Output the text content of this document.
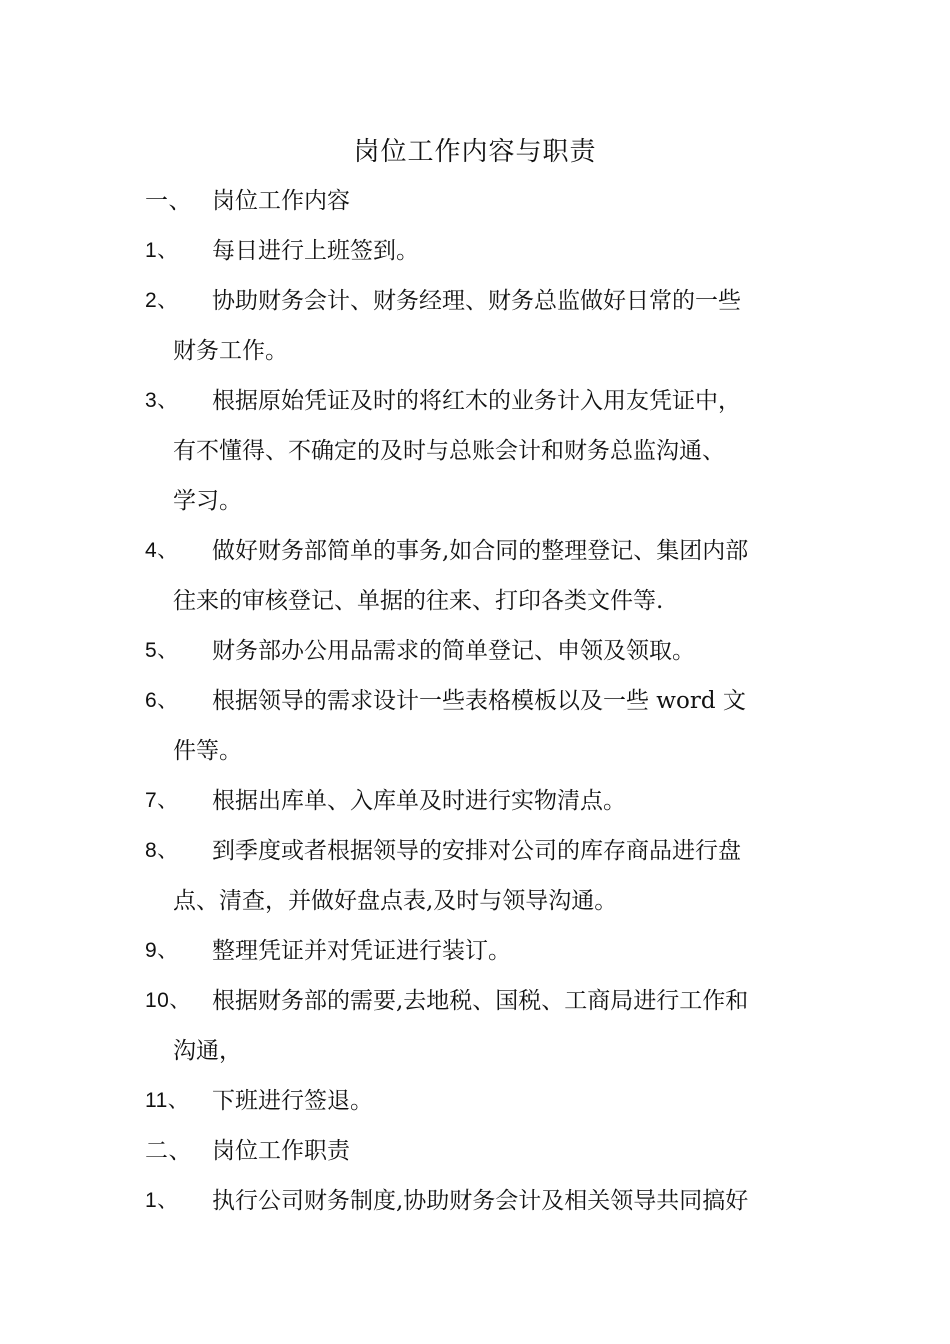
岗位工作内容与职责
一、 岗位工作内容
1、	每日进行上班签到。
2、	协助财务会计、财务经理、财务总监做好日常的一些
财务工作。
3、	根据原始凭证及时的将红木的业务计入用友凭证中，
有不懂得、不确定的及时与总账会计和财务总监沟通、
学习。
4、	做好财务部简单的事务,如合同的整理登记、集团内部
往来的审核登记、单据的往来、打印各类文件等.
5、	财务部办公用品需求的简单登记、申领及领取。
6、	根据领导的需求设计一些表格模板以及一些 word 文
件等。
7、	根据出库单、入库单及时进行实物清点。
8、	到季度或者根据领导的安排对公司的库存商品进行盘
点、清查，并做好盘点表,及时与领导沟通。
9、	整理凭证并对凭证进行装订。
10、 根据财务部的需要,去地税、国税、工商局进行工作和
沟通，
11、 下班进行签退。
二、 岗位工作职责
1、	执行公司财务制度,协助财务会计及相关领导共同搞好
